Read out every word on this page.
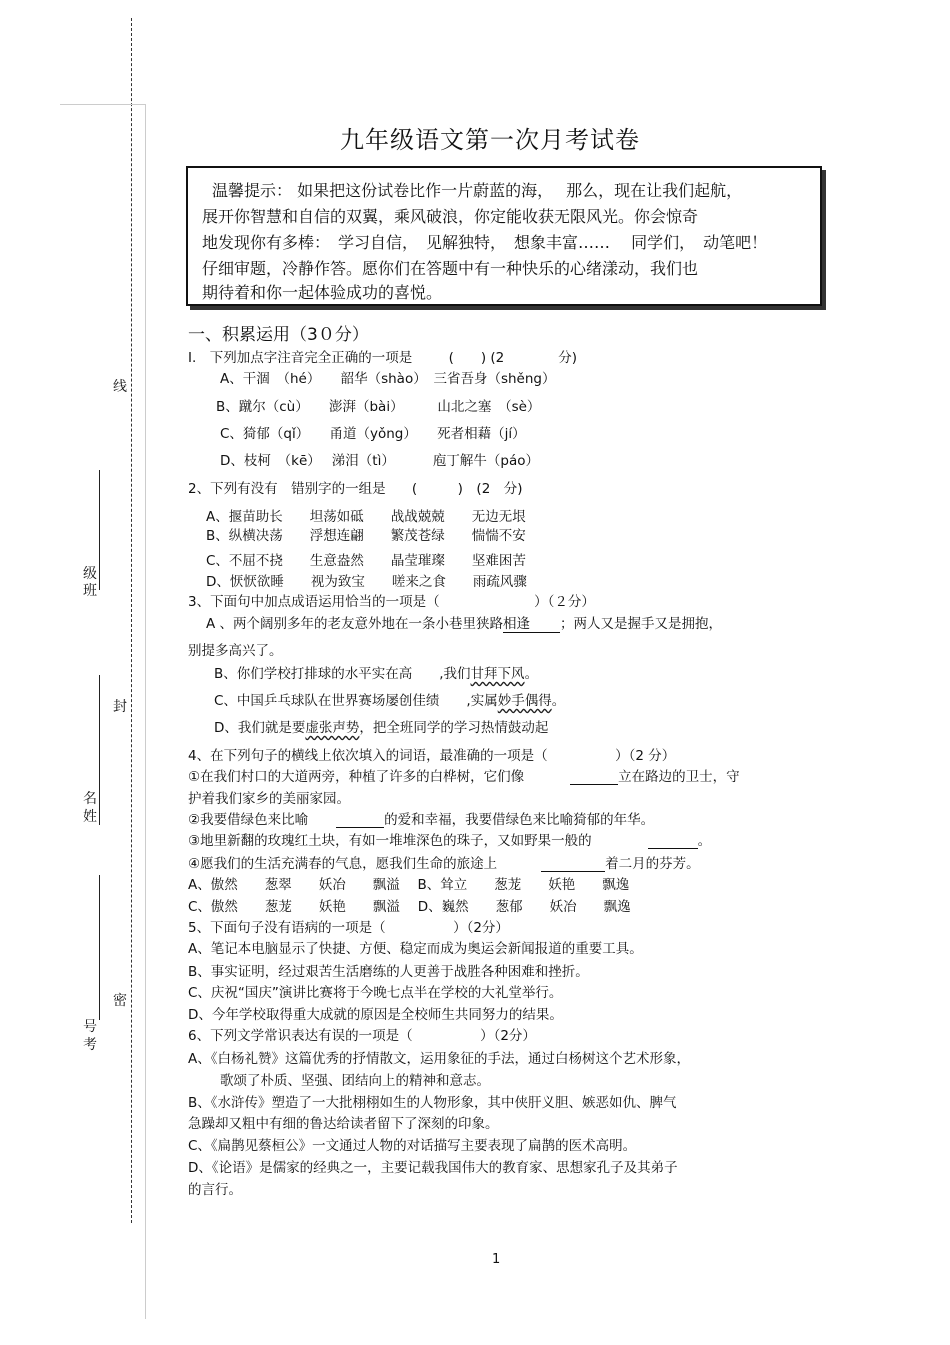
线
级
班
封
名
姓
密
号
考
九年级语文第一次月考试卷
温馨提示： 如果把这份试卷比作一片蔚蓝的海，　 那么，现在让我们起航，
展开你智慧和自信的双翼，乘风破浪，你定能收获无限风光。你会惊奇
地发现你有多棒：　学习自信，　见解独特，　想象丰富……　 同学们，　动笔吧！
仔细审题，冷静作答。愿你们在答题中有一种快乐的心绪漾动，我们也
期待着和你一起体验成功的喜悦。
一、积累运用（3０分）
I.　下列加点字注音完全正确的一项是	(　　) (2　　　　分)
A、干涸　（hé）　　韶华（shào）　三省吾身（shěng）
B、蹴尔（cù）　　澎湃（bài）　　　山北之塞　（sè）
C、猗郁（qǐ）　　甬道（yǒng）　　死者相藉（jí）
D、枝柯　（kē）　 涕泪（tì）　　　 庖丁解牛（páo）
2、下列有没有　错别字的一组是 (　　　)　(2　分)
A、揠苗助长　　坦荡如砥　　战战兢兢　　无边无垠
B、纵横决荡　　浮想连翩　　繁茂苍绿　　惴惴不安
C、不屈不挠　　生意盎然　　晶莹璀璨　　坚难困苦
D、恹恹欲睡　　视为致宝　　嗟来之食　　雨疏风骤
3、下面句中加点成语运用恰当的一项是（　　　　　　　）（２分）
A 、两个阔别多年的老友意外地在一条小巷里狭路相逢 ；两人又是握手又是拥抱，
别提多高兴了。
B、你们学校打排球的水平实在高　　,我们甘拜下风。
C、中国乒乓球队在世界赛场屡创佳绩　　,实属妙手偶得。
D、我们就是要虚张声势，把全班同学的学习热情鼓动起
4、在下列句子的横线上依次填入的词语，最准确的一项是（　　　　　）（2 分）
①在我们村口的大道两旁，种植了许多的白桦树，它们像	立在路边的卫士，守
护着我们家乡的美丽家园。
②我要借绿色来比喻	的爱和幸福，我要借绿色来比喻猗郁的年华。
③地里新翻的玫瑰红土块，有如一堆堆深色的珠子，又如野果一般的	。
④愿我们的生活充满春的气息，愿我们生命的旅途上	着二月的芬芳。
A、傲然　　葱翠　　妖冶　　飘溢　 B、耸立　　葱茏　　妖艳　　飘逸
C、傲然　　葱茏　　妖艳　　飘溢　 D、巍然　　葱郁　　妖冶　　飘逸
5、下面句子没有语病的一项是（　　　　　）（2分）
A、笔记本电脑显示了快捷、方便、稳定而成为奥运会新闻报道的重要工具。
B、事实证明，经过艰苦生活磨练的人更善于战胜各种困难和挫折。
C、庆祝“国庆”演讲比赛将于今晚七点半在学校的大礼堂举行。
D、今年学校取得重大成就的原因是全校师生共同努力的结果。
6、下列文学常识表达有误的一项是（　　　　　）（2分）
A、《白杨礼赞》这篇优秀的抒情散文，运用象征的手法，通过白杨树这个艺术形象，
歌颂了朴质、坚强、团结向上的精神和意志。
B、《水浒传》塑造了一大批栩栩如生的人物形象，其中侠肝义胆、嫉恶如仇、脾气
急躁却又粗中有细的鲁达给读者留下了深刻的印象。
C、《扁鹊见蔡桓公》一文通过人物的对话描写主要表现了扁鹊的医术高明。
D、《论语》是儒家的经典之一，主要记载我国伟大的教育家、思想家孔子及其弟子
的言行。
1
